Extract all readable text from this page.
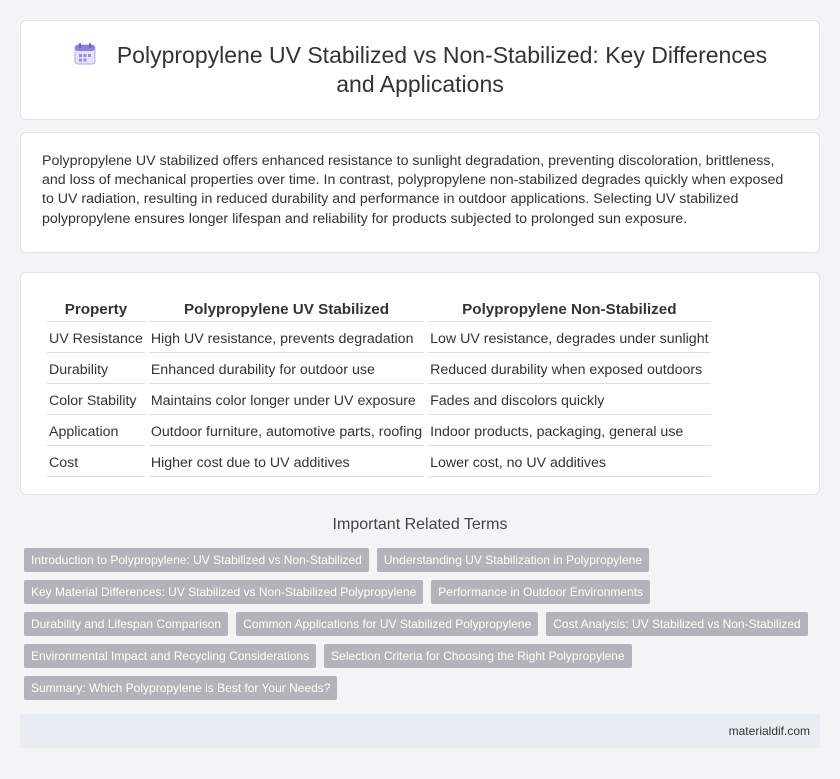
Polypropylene UV Stabilized vs Non-Stabilized: Key Differences and Applications

Polypropylene UV stabilized offers enhanced resistance to sunlight degradation, preventing discoloration, brittleness, and loss of mechanical properties over time. In contrast, polypropylene non-stabilized degrades quickly when exposed to UV radiation, resulting in reduced durability and performance in outdoor applications. Selecting UV stabilized polypropylene ensures longer lifespan and reliability for products subjected to prolonged sun exposure.

Property	Polypropylene UV Stabilized	Polypropylene Non-Stabilized
UV Resistance	High UV resistance, prevents degradation	Low UV resistance, degrades under sunlight
Durability	Enhanced durability for outdoor use	Reduced durability when exposed outdoors
Color Stability	Maintains color longer under UV exposure	Fades and discolors quickly
Application	Outdoor furniture, automotive parts, roofing	Indoor products, packaging, general use
Cost	Higher cost due to UV additives	Lower cost, no UV additives
Important Related Terms
Introduction to Polypropylene: UV Stabilized vs Non-Stabilized	Understanding UV Stabilization in Polypropylene
Key Material Differences: UV Stabilized vs Non-Stabilized Polypropylene	Performance in Outdoor Environments
Durability and Lifespan Comparison	Common Applications for UV Stabilized Polypropylene	Cost Analysis: UV Stabilized vs Non-Stabilized
Environmental Impact and Recycling Considerations	Selection Criteria for Choosing the Right Polypropylene
Summary: Which Polypropylene is Best for Your Needs?
materialdif.com
